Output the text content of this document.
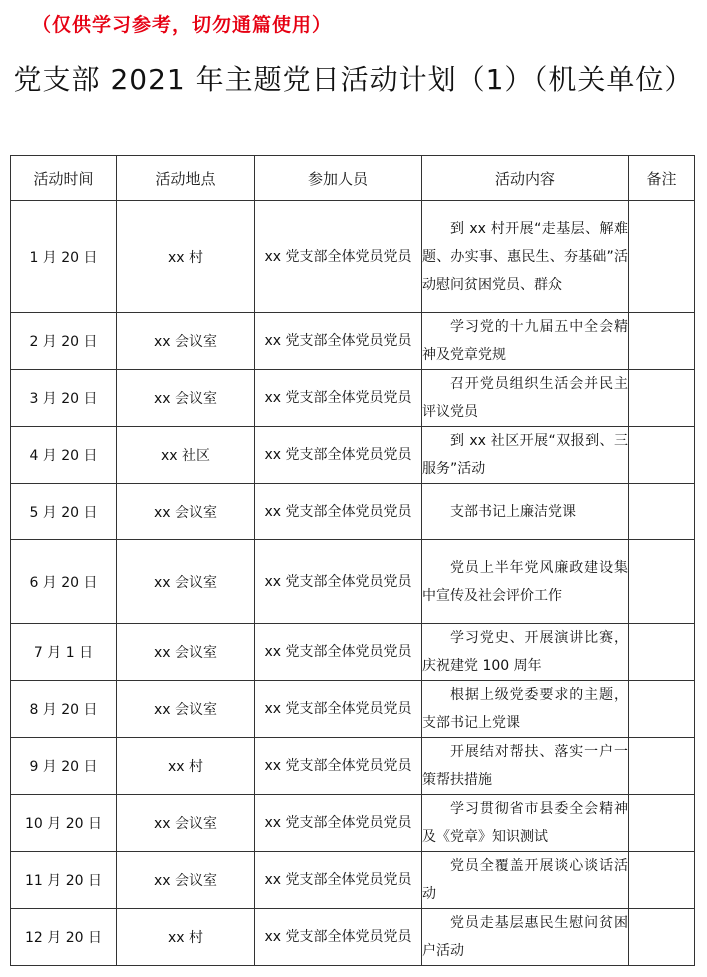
（仅供学习参考，切勿通篇使用）
党支部 2021 年主题党日活动计划（1）（机关单位）
活动时间	活动地点	参加人员	活动内容	备注
1 月 20 日	xx 村	xx 党支部全体党员党员	到 xx 村开展“走基层、解难题、办实事、惠民生、夯基础”活动慰问贫困党员、群众	
2 月 20 日	xx 会议室	xx 党支部全体党员党员	学习党的十九届五中全会精神及党章党规	
3 月 20 日	xx 会议室	xx 党支部全体党员党员	召开党员组织生活会并民主评议党员	
4 月 20 日	xx 社区	xx 党支部全体党员党员	到 xx 社区开展“双报到、三服务”活动	
5 月 20 日	xx 会议室	xx 党支部全体党员党员	支部书记上廉洁党课	
6 月 20 日	xx 会议室	xx 党支部全体党员党员	党员上半年党风廉政建设集中宣传及社会评价工作	
7 月 1 日	xx 会议室	xx 党支部全体党员党员	学习党史、开展演讲比赛，庆祝建党 100 周年	
8 月 20 日	xx 会议室	xx 党支部全体党员党员	根据上级党委要求的主题，支部书记上党课	
9 月 20 日	xx 村	xx 党支部全体党员党员	开展结对帮扶、落实一户一策帮扶措施	
10 月 20 日	xx 会议室	xx 党支部全体党员党员	学习贯彻省市县委全会精神及《党章》知识测试	
11 月 20 日	xx 会议室	xx 党支部全体党员党员	党员全覆盖开展谈心谈话活动	
12 月 20 日	xx 村	xx 党支部全体党员党员	党员走基层惠民生慰问贫困户活动	
